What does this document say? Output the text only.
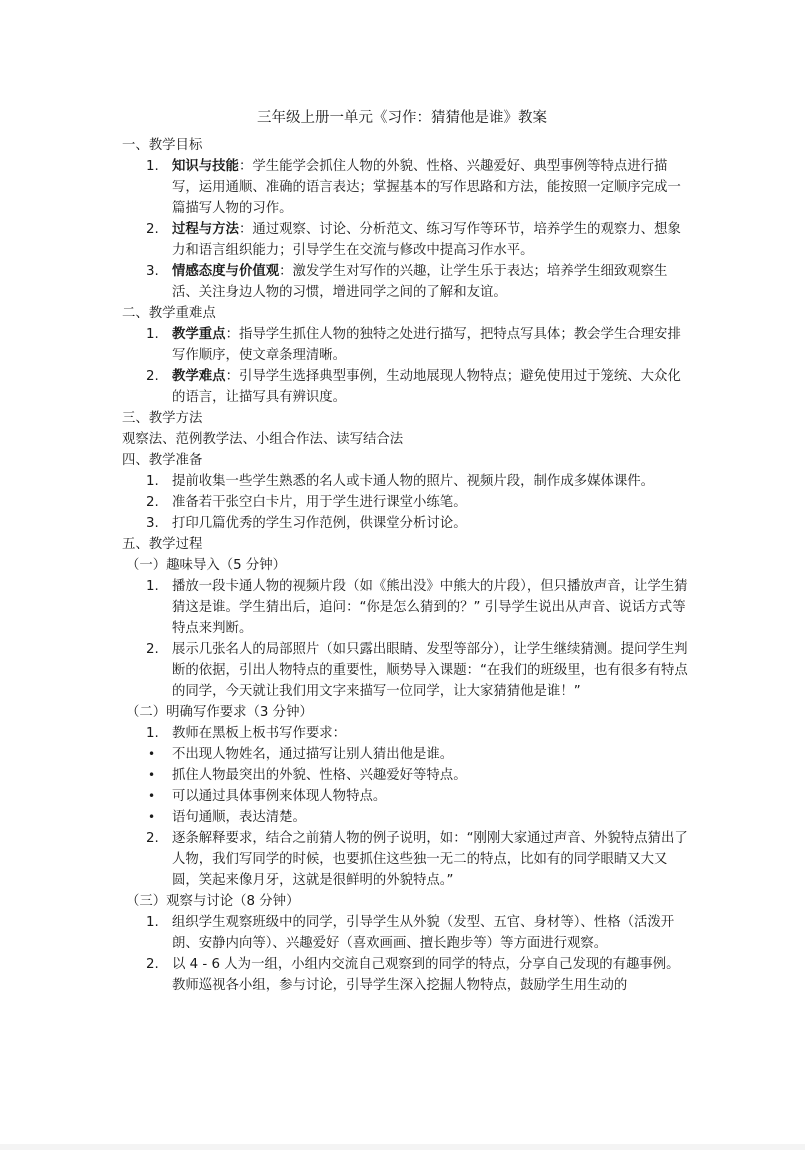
三年级上册一单元《习作：猜猜他是谁》教案
一、教学目标
1. 知识与技能：学生能学会抓住人物的外貌、性格、兴趣爱好、典型事例等特点进行描写，运用通顺、准确的语言表达；掌握基本的写作思路和方法，能按照一定顺序完成一篇描写人物的习作。
2. 过程与方法：通过观察、讨论、分析范文、练习写作等环节，培养学生的观察力、想象力和语言组织能力；引导学生在交流与修改中提高习作水平。
3. 情感态度与价值观：激发学生对写作的兴趣，让学生乐于表达；培养学生细致观察生活、关注身边人物的习惯，增进同学之间的了解和友谊。
二、教学重难点
1. 教学重点：指导学生抓住人物的独特之处进行描写，把特点写具体；教会学生合理安排写作顺序，使文章条理清晰。
2. 教学难点：引导学生选择典型事例，生动地展现人物特点；避免使用过于笼统、大众化的语言，让描写具有辨识度。
三、教学方法
观察法、范例教学法、小组合作法、读写结合法
四、教学准备
1. 提前收集一些学生熟悉的名人或卡通人物的照片、视频片段，制作成多媒体课件。
2. 准备若干张空白卡片，用于学生进行课堂小练笔。
3. 打印几篇优秀的学生习作范例，供课堂分析讨论。
五、教学过程
（一）趣味导入（5 分钟）
1. 播放一段卡通人物的视频片段（如《熊出没》中熊大的片段），但只播放声音，让学生猜猜这是谁。学生猜出后，追问：“你是怎么猜到的？” 引导学生说出从声音、说话方式等特点来判断。
2. 展示几张名人的局部照片（如只露出眼睛、发型等部分），让学生继续猜测。提问学生判断的依据，引出人物特点的重要性，顺势导入课题：“在我们的班级里，也有很多有特点的同学，今天就让我们用文字来描写一位同学，让大家猜猜他是谁！”
（二）明确写作要求（3 分钟）
1. 教师在黑板上板书写作要求：
• 不出现人物姓名，通过描写让别人猜出他是谁。
• 抓住人物最突出的外貌、性格、兴趣爱好等特点。
• 可以通过具体事例来体现人物特点。
• 语句通顺，表达清楚。
2. 逐条解释要求，结合之前猜人物的例子说明，如：“刚刚大家通过声音、外貌特点猜出了人物，我们写同学的时候，也要抓住这些独一无二的特点，比如有的同学眼睛又大又圆，笑起来像月牙，这就是很鲜明的外貌特点。”
（三）观察与讨论（8 分钟）
1. 组织学生观察班级中的同学，引导学生从外貌（发型、五官、身材等）、性格（活泼开朗、安静内向等）、兴趣爱好（喜欢画画、擅长跑步等）等方面进行观察。
2. 以 4 - 6 人为一组，小组内交流自己观察到的同学的特点，分享自己发现的有趣事例。教师巡视各小组，参与讨论，引导学生深入挖掘人物特点，鼓励学生用生动的
